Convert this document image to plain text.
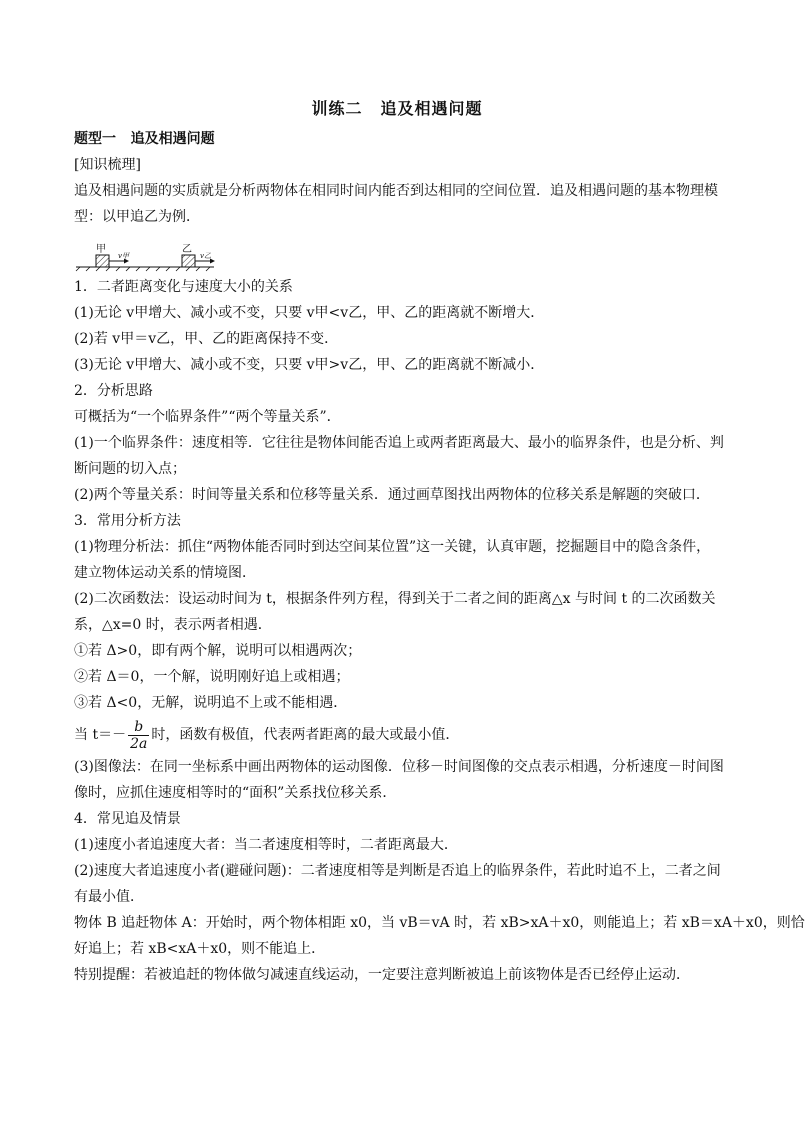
训练二 追及相遇问题
题型一 追及相遇问题
[知识梳理]
追及相遇问题的实质就是分析两物体在相同时间内能否到达相同的空间位置．追及相遇问题的基本物理模
型：以甲追乙为例．
甲
v甲
乙
v乙
1．二者距离变化与速度大小的关系
(1)无论 v甲增大、减小或不变，只要 v甲<v乙，甲、乙的距离就不断增大．
(2)若 v甲＝v乙，甲、乙的距离保持不变．
(3)无论 v甲增大、减小或不变，只要 v甲>v乙，甲、乙的距离就不断减小．
2．分析思路
可概括为“一个临界条件”“两个等量关系”．
(1)一个临界条件：速度相等．它往往是物体间能否追上或两者距离最大、最小的临界条件，也是分析、判
断问题的切入点；
(2)两个等量关系：时间等量关系和位移等量关系．通过画草图找出两物体的位移关系是解题的突破口．
3．常用分析方法
(1)物理分析法：抓住“两物体能否同时到达空间某位置”这一关键，认真审题，挖掘题目中的隐含条件，
建立物体运动关系的情境图．
(2)二次函数法：设运动时间为 t，根据条件列方程，得到关于二者之间的距离△x 与时间 t 的二次函数关
系，△x=0 时，表示两者相遇．
①若 Δ>0，即有两个解，说明可以相遇两次；
②若 Δ＝0，一个解，说明刚好追上或相遇；
③若 Δ<0，无解，说明追不上或不能相遇．
当 $t=- \frac{b}{2a}$ 时，函数有极值，代表两者距离的最大或最小值．
(3)图像法：在同一坐标系中画出两物体的运动图像．位移－时间图像的交点表示相遇，分析速度－时间图
像时，应抓住速度相等时的“面积”关系找位移关系．
4．常见追及情景
(1)速度小者追速度大者：当二者速度相等时，二者距离最大．
(2)速度大者追速度小者(避碰问题)：二者速度相等是判断是否追上的临界条件，若此时追不上，二者之间
有最小值．
物体 B 追赶物体 A：开始时，两个物体相距 x0，当 vB＝vA 时，若 xB>xA＋x0，则能追上；若 xB＝xA＋x0，则恰
好追上；若 xB<xA＋x0，则不能追上．
特别提醒：若被追赶的物体做匀减速直线运动，一定要注意判断被追上前该物体是否已经停止运动．
